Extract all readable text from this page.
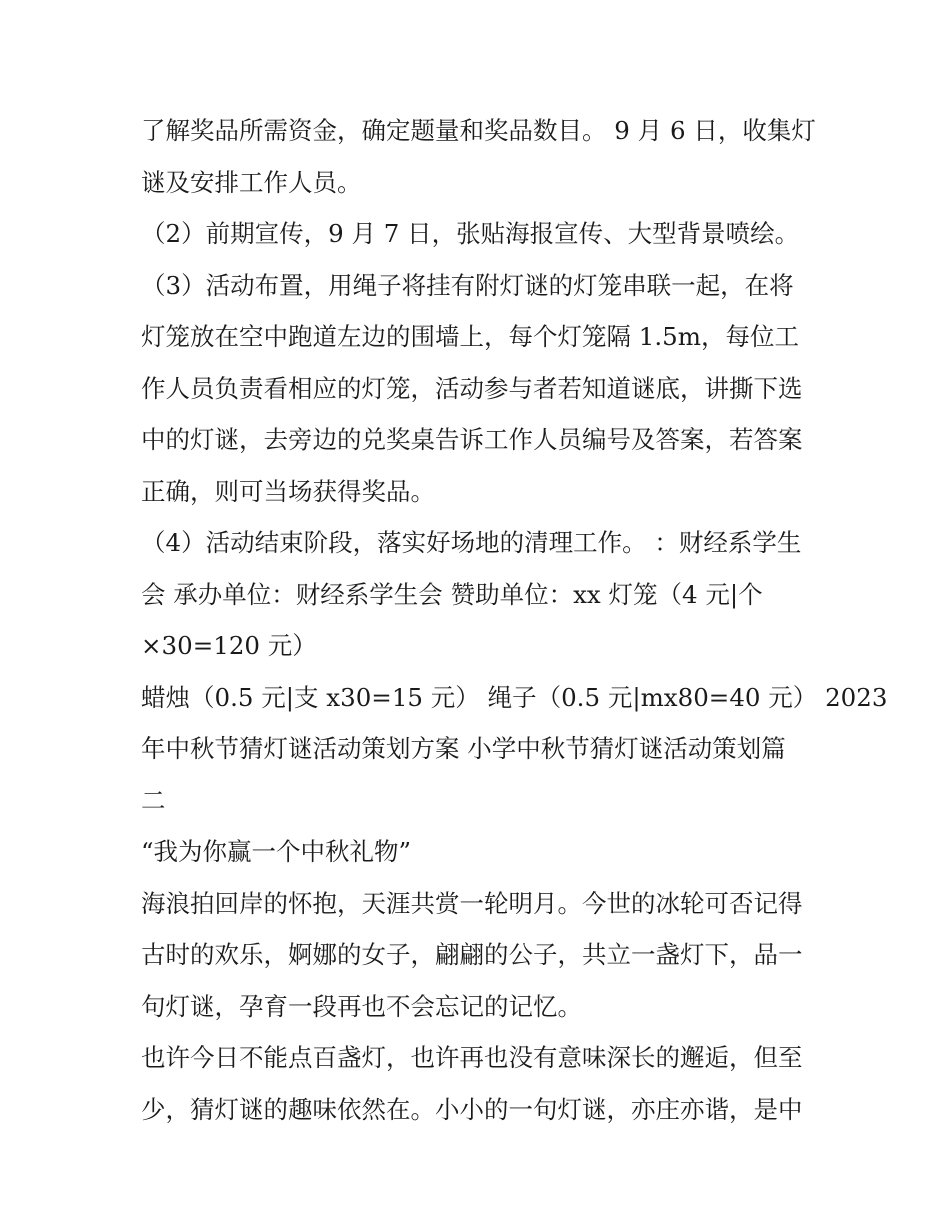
了解奖品所需资金，确定题量和奖品数目。 9 月 6 日，收集灯
谜及安排工作人员。
（2）前期宣传，9 月 7 日，张贴海报宣传、大型背景喷绘。
（3）活动布置，用绳子将挂有附灯谜的灯笼串联一起，在将
灯笼放在空中跑道左边的围墙上，每个灯笼隔 1.5m，每位工
作人员负责看相应的灯笼，活动参与者若知道谜底，讲撕下选
中的灯谜，去旁边的兑奖桌告诉工作人员编号及答案，若答案
正确，则可当场获得奖品。
（4）活动结束阶段，落实好场地的清理工作。 ：财经系学生
会 承办单位：财经系学生会 赞助单位：xx 灯笼（4 元|个
×30=120 元）
蜡烛（0.5 元|支 x30=15 元） 绳子（0.5 元|mx80=40 元） 2023
年中秋节猜灯谜活动策划方案 小学中秋节猜灯谜活动策划篇
二
“我为你赢一个中秋礼物”
海浪拍回岸的怀抱，天涯共赏一轮明月。今世的冰轮可否记得
古时的欢乐，婀娜的女子，翩翩的公子，共立一盏灯下，品一
句灯谜，孕育一段再也不会忘记的记忆。
也许今日不能点百盏灯，也许再也没有意味深长的邂逅，但至
少，猜灯谜的趣味依然在。小小的一句灯谜，亦庄亦谐，是中
